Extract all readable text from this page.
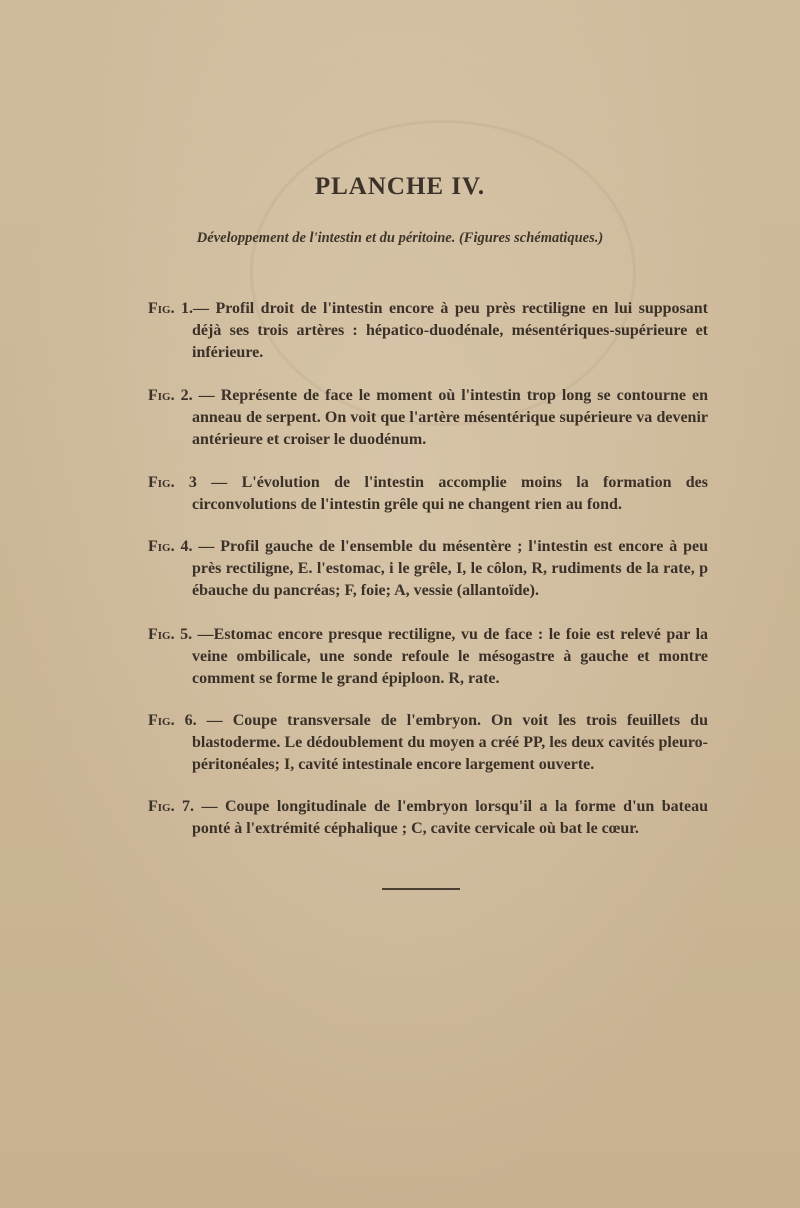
PLANCHE IV.
Développement de l'intestin et du péritoine. (Figures schématiques.)
Fig. 1.— Profil droit de l'intestin encore à peu près rectiligne en lui supposant déjà ses trois artères : hépatico-duodénale, mésentériques-supérieure et inférieure.
Fig. 2. — Représente de face le moment où l'intestin trop long se contourne en anneau de serpent. On voit que l'artère mésentérique supérieure va devenir antérieure et croiser le duodénum.
Fig. 3 — L'évolution de l'intestin accomplie moins la formation des circonvolutions de l'intestin grêle qui ne changent rien au fond.
Fig. 4. — Profil gauche de l'ensemble du mésentère ; l'intestin est encore à peu près rectiligne, E. l'estomac, i le grêle, I, le côlon, R, rudiments de la rate, p ébauche du pancréas; F, foie; A, vessie (allantoïde).
Fig. 5. —Estomac encore presque rectiligne, vu de face : le foie est relevé par la veine ombilicale, une sonde refoule le mésogastre à gauche et montre comment se forme le grand épiploon. R, rate.
Fig. 6. — Coupe transversale de l'embryon. On voit les trois feuillets du blastoderme. Le dédoublement du moyen a créé PP, les deux cavités pleuro-péritonéales; I, cavité intestinale encore largement ouverte.
Fig. 7. — Coupe longitudinale de l'embryon lorsqu'il a la forme d'un bateau ponté à l'extrémité céphalique ; C, cavite cervicale où bat le cœur.
